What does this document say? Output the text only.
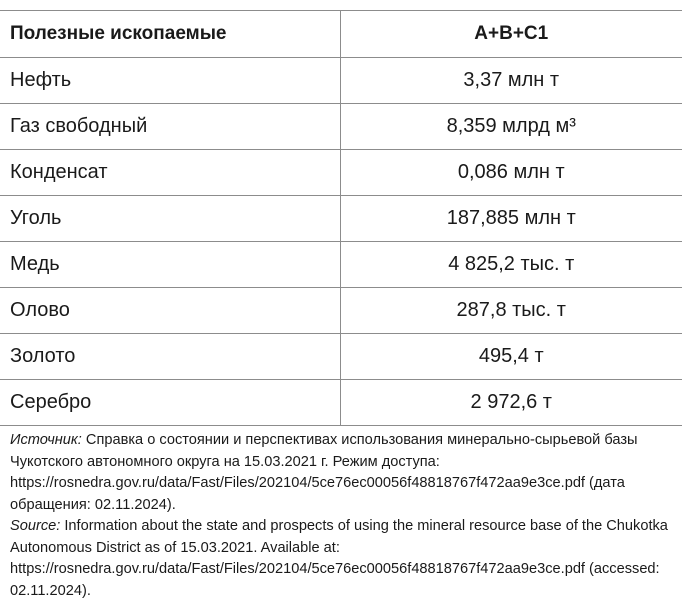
Полезные ископаемые	A+B+C1
Нефть	3,37 млн т
Газ свободный	8,359 млрд м³
Конденсат	0,086 млн т
Уголь	187,885 млн т
Медь	4 825,2 тыс. т
Олово	287,8 тыс. т
Золото	495,4 т
Серебро	2 972,6 т

Источник: Справка о состоянии и перспективах использования минерально-сырьевой базы Чукотского автономного округа на 15.03.2021 г. Режим доступа: https://rosnedra.gov.ru/data/Fast/Files/202104/5ce76ec00056f48818767f472aa9e3ce.pdf (дата обращения: 02.11.2024).

Source: Information about the state and prospects of using the mineral resource base of the Chukotka Autonomous District as of 15.03.2021. Available at: https://rosnedra.gov.ru/data/Fast/Files/202104/5ce76ec00056f48818767f472aa9e3ce.pdf (accessed: 02.11.2024).
